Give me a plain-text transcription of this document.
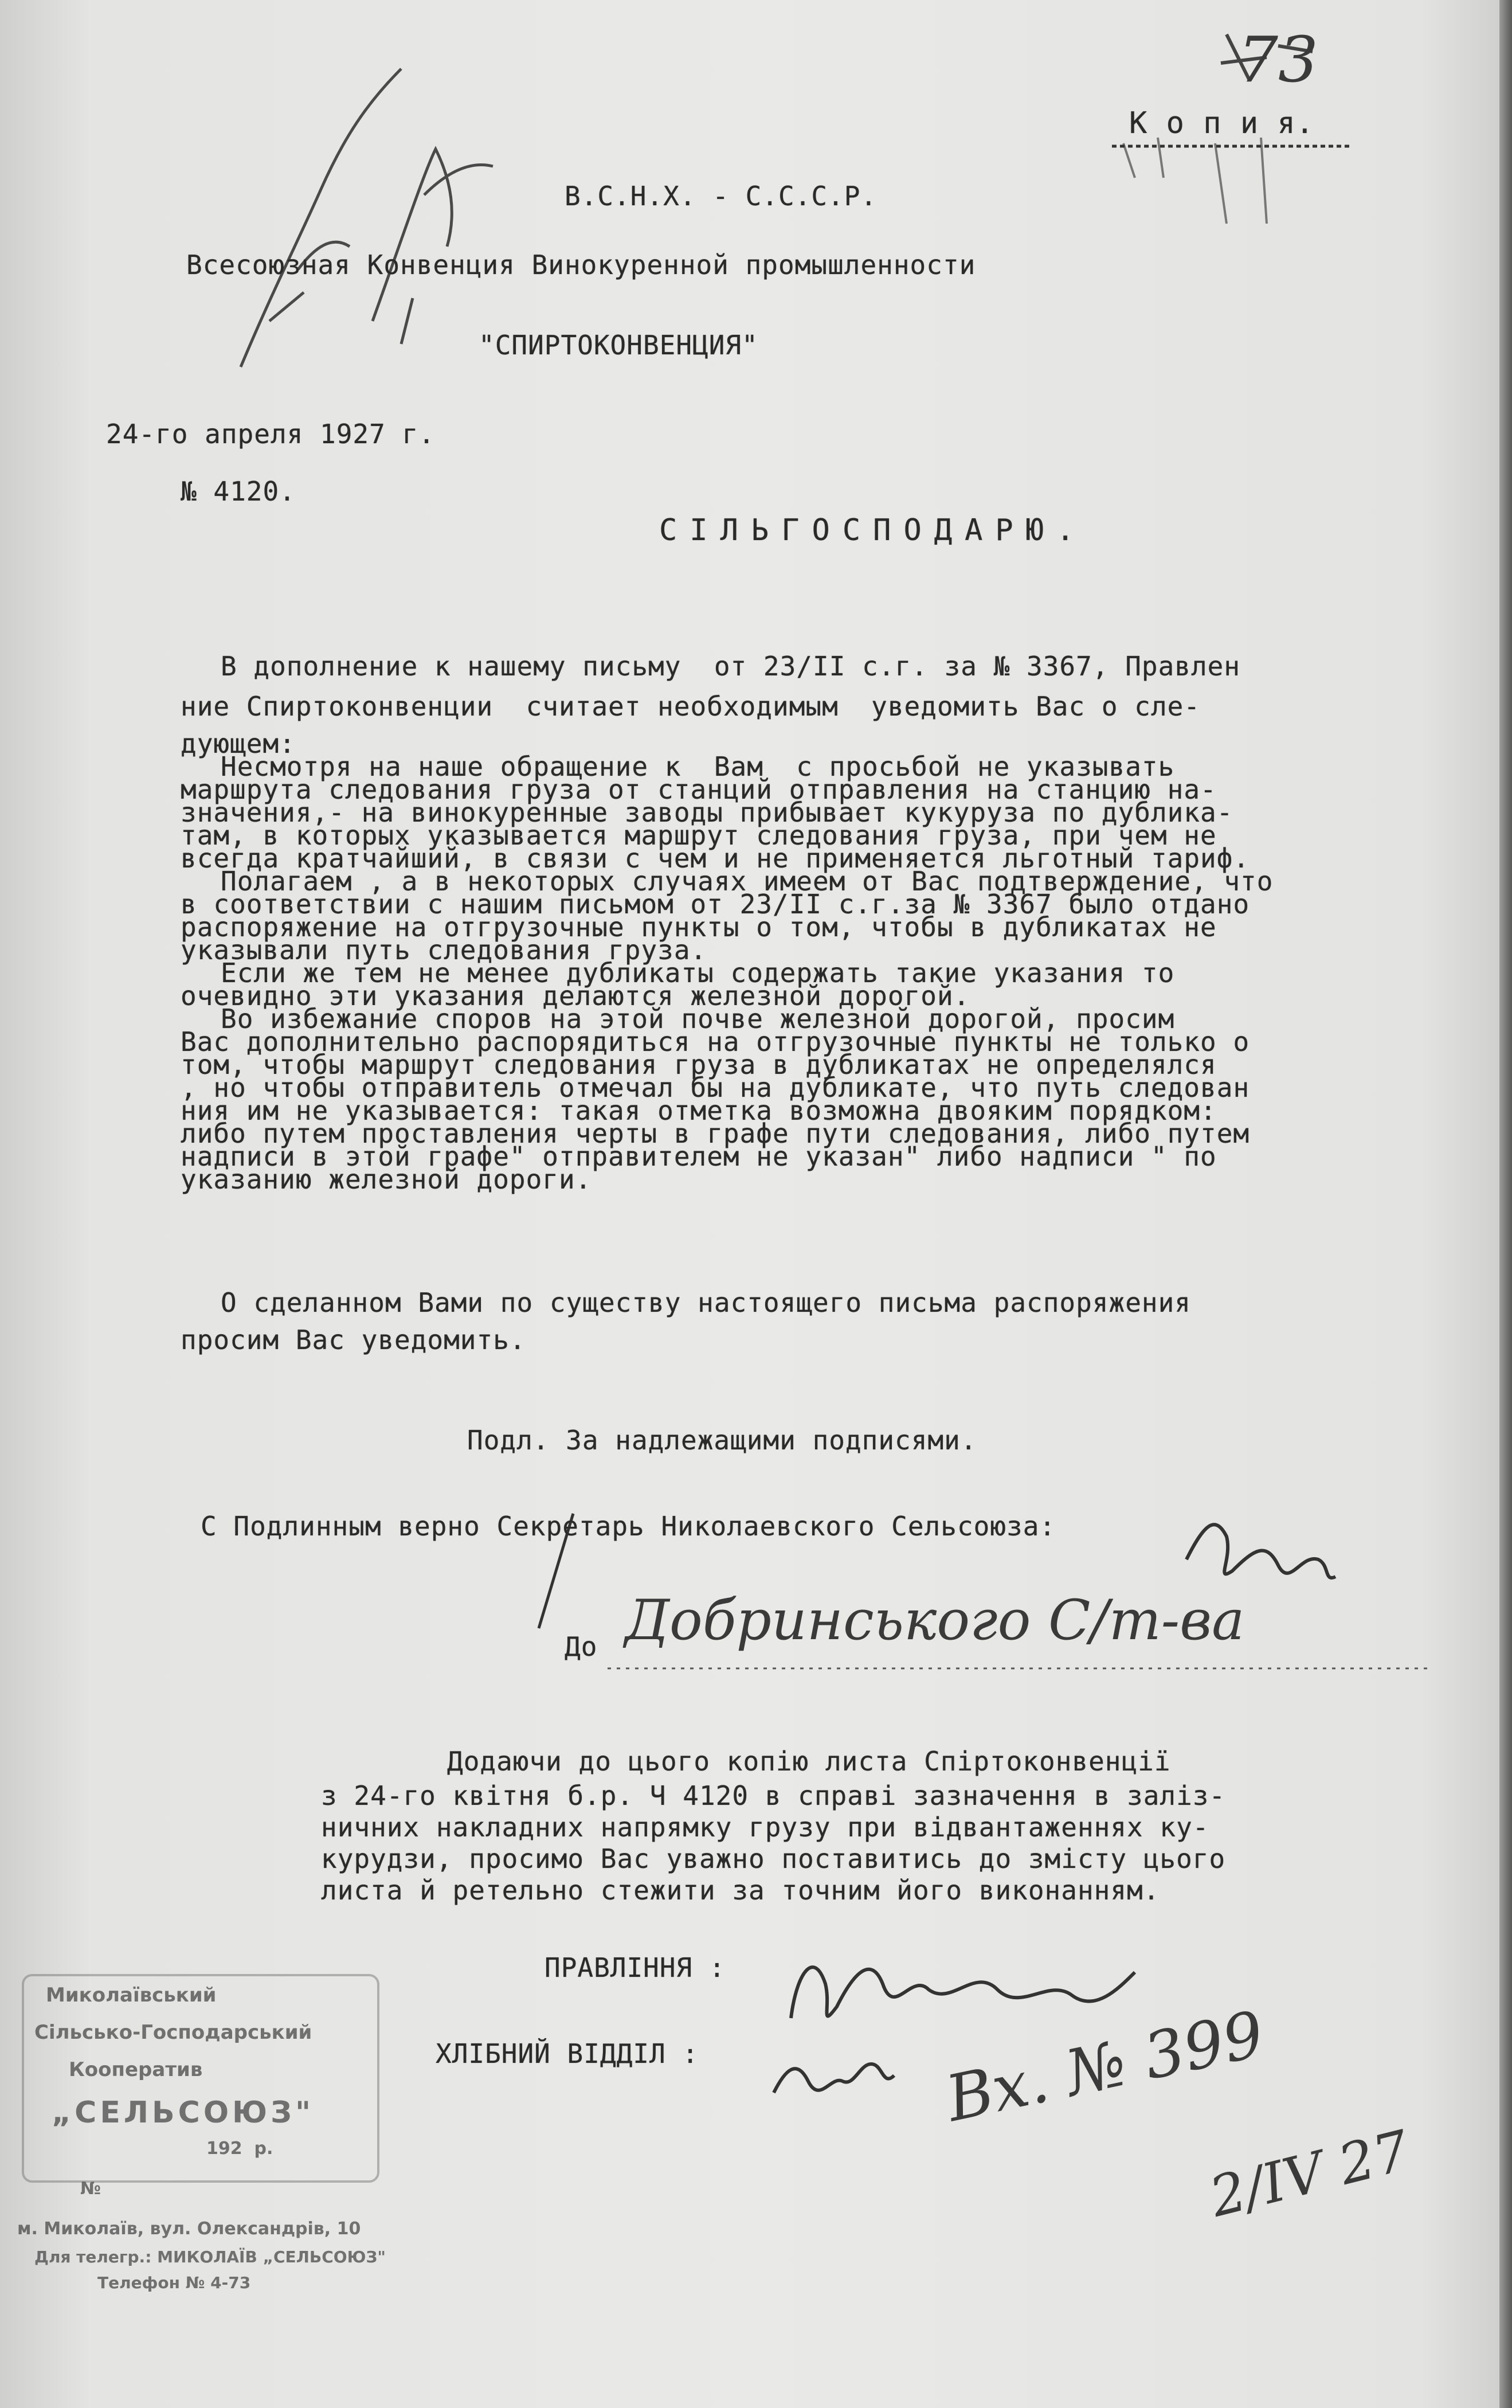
К о п и я.
73
В.С.Н.Х. - С.С.С.Р.
Всесоюзная Конвенция Винокуренной промышленности
"СПИРТОКОНВЕНЦИЯ"
24-го апреля 1927 г.
№ 4120.
СІЛЬГОСПОДАРЮ.
В дополнение к нашему письму  от 23/II с.г. за № 3367, Правлен
ние Спиртоконвенции  считает необходимым  уведомить Вас о сле-
дующем:
Несмотря на наше обращение к  Вам  с просьбой не указывать
маршрута следования груза от станций отправления на станцию на-
значения,- на винокуренные заводы прибывает кукуруза по дублика-
там, в которых указывается маршрут следования груза, при чем не
всегда кратчайший, в связи с чем и не применяется льготный тариф.
Полагаем , а в некоторых случаях имеем от Вас подтверждение, что
в соответствии с нашим письмом от 23/II с.г.за № 3367 было отдано
распоряжение на отгрузочные пункты о том, чтобы в дубликатах не
указывали путь следования груза.
Если же тем не менее дубликаты содержать такие указания то
очевидно эти указания делаются железной дорогой.
Во избежание споров на этой почве железной дорогой, просим
Вас дополнительно распорядиться на отгрузочные пункты не только о
том, чтобы маршрут следования груза в дубликатах не определялся
, но чтобы отправитель отмечал бы на дубликате, что путь следован
ния им не указывается: такая отметка возможна двояким порядком:
либо путем проставления черты в графе пути следования, либо путем
надписи в этой графе" отправителем не указан" либо надписи " по
указанию железной дороги.
О сделанном Вами по существу настоящего письма распоряжения
просим Вас уведомить.
Подл. За надлежащими подписями.
С Подлинным верно Секретарь Николаевского Сельсоюза:
До Добринського С/т-ва
Додаючи до цього копію листа Спіртоконвенції
з 24-го квітня б.р. Ч 4120 в справі зазначення в заліз-
ничних накладних напрямку грузу при відвантаженнях ку-
курудзи, просимо Вас уважно поставитись до змісту цього
листа й ретельно стежити за точним його виконанням.
ПРАВЛІННЯ :
ХЛІБНИЙ ВІДДІЛ :	Вх. № 399
2/IV 27
Миколаївський
Сільсько-Господарський
Кооператив
„СЕЛЬСОЮЗ"
192  р.
№
м. Миколаїв, вул. Олександрів, 10
Для телегр.: МИКОЛАЇВ „СЕЛЬСОЮЗ"
Телефон № 4-73
